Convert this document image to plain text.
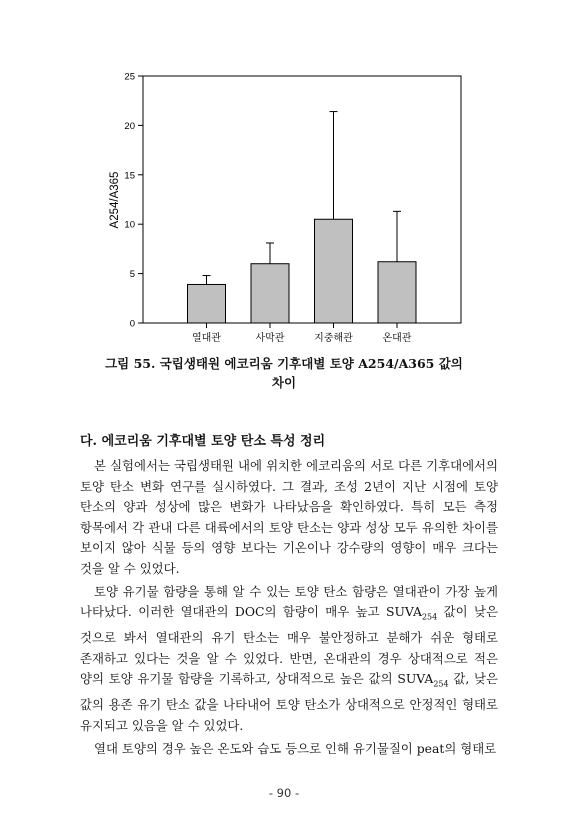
0
5
10
15
20
25
열대관	사막관	지중해관	온대관
A254/A365
그림 55. 국립생태원 에코리움 기후대별 토양 A254/A365 값의
차이
다. 에코리움 기후대별 토양 탄소 특성 정리

본 실험에서는 국립생태원 내에 위치한 에코리움의 서로 다른 기후대에서의 토양 탄소 변화 연구를 실시하였다. 그 결과, 조성 2년이 지난 시점에 토양 탄소의 양과 성상에 많은 변화가 나타났음을 확인하였다. 특히 모든 측정 항목에서 각 관내 다른 대륙에서의 토양 탄소는 양과 성상 모두 유의한 차이를 보이지 않아 식물 등의 영향 보다는 기온이나 강수량의 영향이 매우 크다는 것을 알 수 있었다.

토양 유기물 함량을 통해 알 수 있는 토양 탄소 함량은 열대관이 가장 높게 나타났다. 이러한 열대관의 DOC의 함량이 매우 높고 $SUVA_{254}$ 값이 낮은 것으로 봐서 열대관의 유기 탄소는 매우 불안정하고 분해가 쉬운 형태로 존재하고 있다는 것을 알 수 있었다. 반면, 온대관의 경우 상대적으로 적은 양의 토양 유기물 함량을 기록하고, 상대적으로 높은 값의 $SUVA_{254}$ 값, 낮은 값의 용존 유기 탄소 값을 나타내어 토양 탄소가 상대적으로 안정적인 형태로 유지되고 있음을 알 수 있었다.

열대 토양의 경우 높은 온도와 습도 등으로 인해 유기물질이 peat의 형태로

- 90 -
